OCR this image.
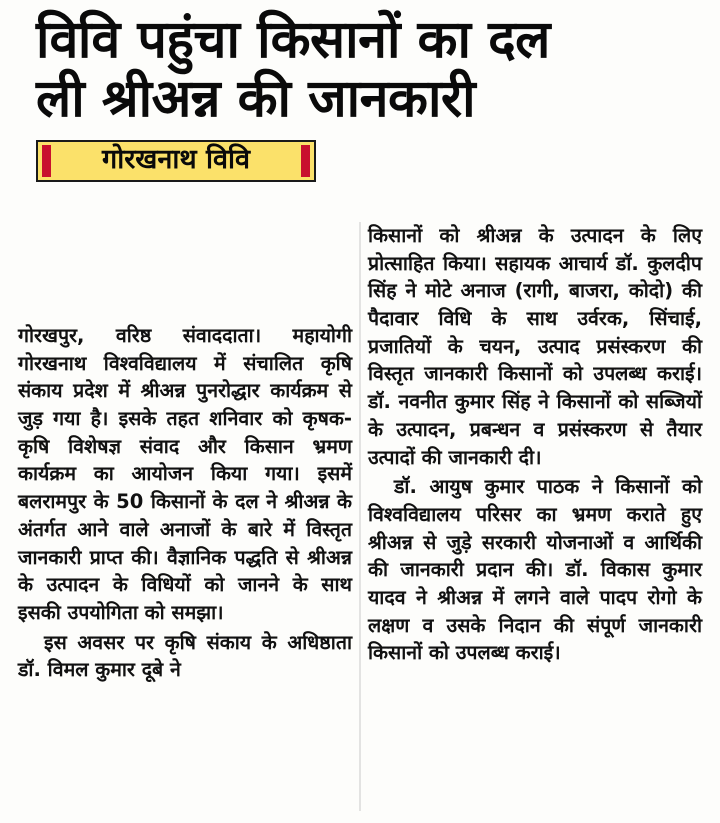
विवि पहुंचा किसानों का दल
ली श्रीअन्न की जानकारी
गोरखनाथ विवि

गोरखपुर, वरिष्ठ संवाददाता। महायोगी गोरखनाथ विश्वविद्यालय में संचालित कृषि संकाय प्रदेश में श्रीअन्न पुनरोद्धार कार्यक्रम से जुड़ गया है। इसके तहत शनिवार को कृषक-कृषि विशेषज्ञ संवाद और किसान भ्रमण कार्यक्रम का आयोजन किया गया। इसमें बलरामपुर के 50 किसानों के दल ने श्रीअन्न के अंतर्गत आने वाले अनाजों के बारे में विस्तृत जानकारी प्राप्त की। वैज्ञानिक पद्धति से श्रीअन्न के उत्पादन के विधियों को जानने के साथ इसकी उपयोगिता को समझा।

इस अवसर पर कृषि संकाय के अधिष्ठाता डॉ. विमल कुमार दूबे ने

किसानों को श्रीअन्न के उत्पादन के लिए प्रोत्साहित किया। सहायक आचार्य डॉ. कुलदीप सिंह ने मोटे अनाज (रागी, बाजरा, कोदो) की पैदावार विधि के साथ उर्वरक, सिंचाई, प्रजातियों के चयन, उत्पाद प्रसंस्करण की विस्तृत जानकारी किसानों को उपलब्ध कराई। डॉ. नवनीत कुमार सिंह ने किसानों को सब्जियों के उत्पादन, प्रबन्धन व प्रसंस्करण से तैयार उत्पादों की जानकारी दी।

डॉ. आयुष कुमार पाठक ने किसानों को विश्वविद्यालय परिसर का भ्रमण कराते हुए श्रीअन्न से जुड़े सरकारी योजनाओं व आर्थिकी की जानकारी प्रदान की। डॉ. विकास कुमार यादव ने श्रीअन्न में लगने वाले पादप रोगो के लक्षण व उसके निदान की संपूर्ण जानकारी किसानों को उपलब्ध कराई।
